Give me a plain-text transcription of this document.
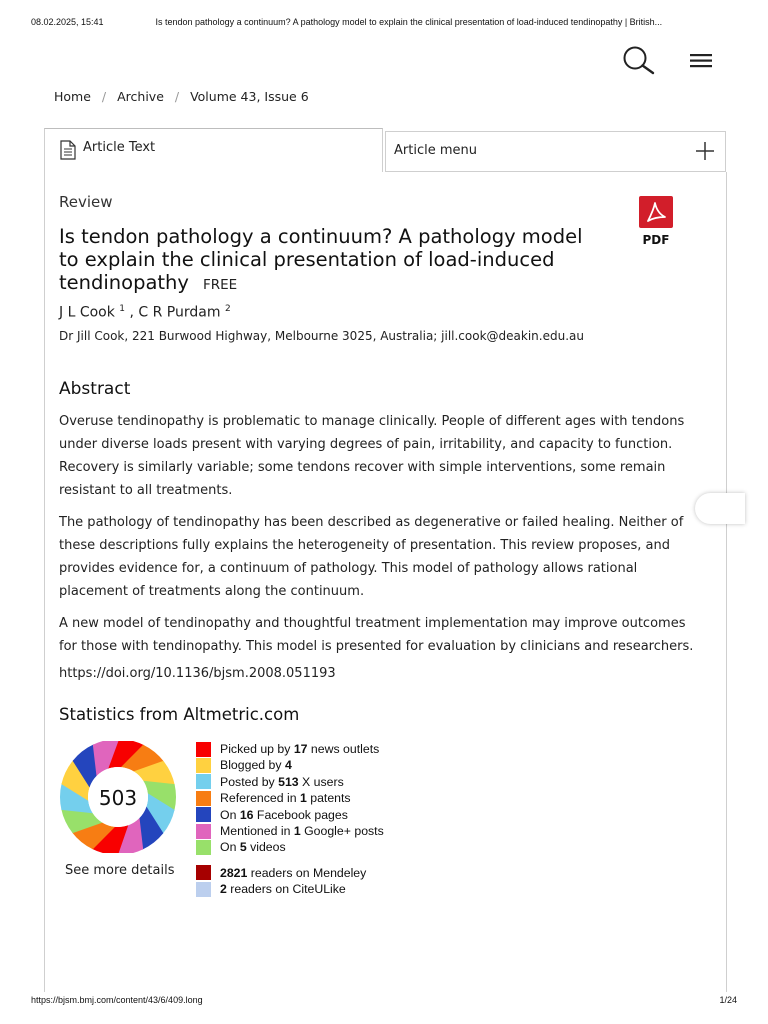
08.02.2025, 15:41	Is tendon pathology a continuum? A pathology model to explain the clinical presentation of load-induced tendinopathy | British...
Home / Archive / Volume 43, Issue 6
Article Text	Article menu
Review
PDF
Is tendon pathology a continuum? A pathology model to explain the clinical presentation of load-induced tendinopathy FREE
J L Cook $^1$ , C R Purdam $^2$
Dr Jill Cook, 221 Burwood Highway, Melbourne 3025, Australia; jill.cook@deakin.edu.au
Abstract

Overuse tendinopathy is problematic to manage clinically. People of different ages with tendons under diverse loads present with varying degrees of pain, irritability, and capacity to function. Recovery is similarly variable; some tendons recover with simple interventions, some remain resistant to all treatments.

The pathology of tendinopathy has been described as degenerative or failed healing. Neither of these descriptions fully explains the heterogeneity of presentation. This review proposes, and provides evidence for, a continuum of pathology. This model of pathology allows rational placement of treatments along the continuum.

A new model of tendinopathy and thoughtful treatment implementation may improve outcomes for those with tendinopathy. This model is presented for evaluation by clinicians and researchers.

https://doi.org/10.1136/bjsm.2008.051193
Statistics from Altmetric.com
503
See more details
Picked up by 17 news outlets
Blogged by 4
Posted by 513 X users
Referenced in 1 patents
On 16 Facebook pages
Mentioned in 1 Google+ posts
On 5 videos
2821 readers on Mendeley
2 readers on CiteULike
https://bjsm.bmj.com/content/43/6/409.long	1/24
